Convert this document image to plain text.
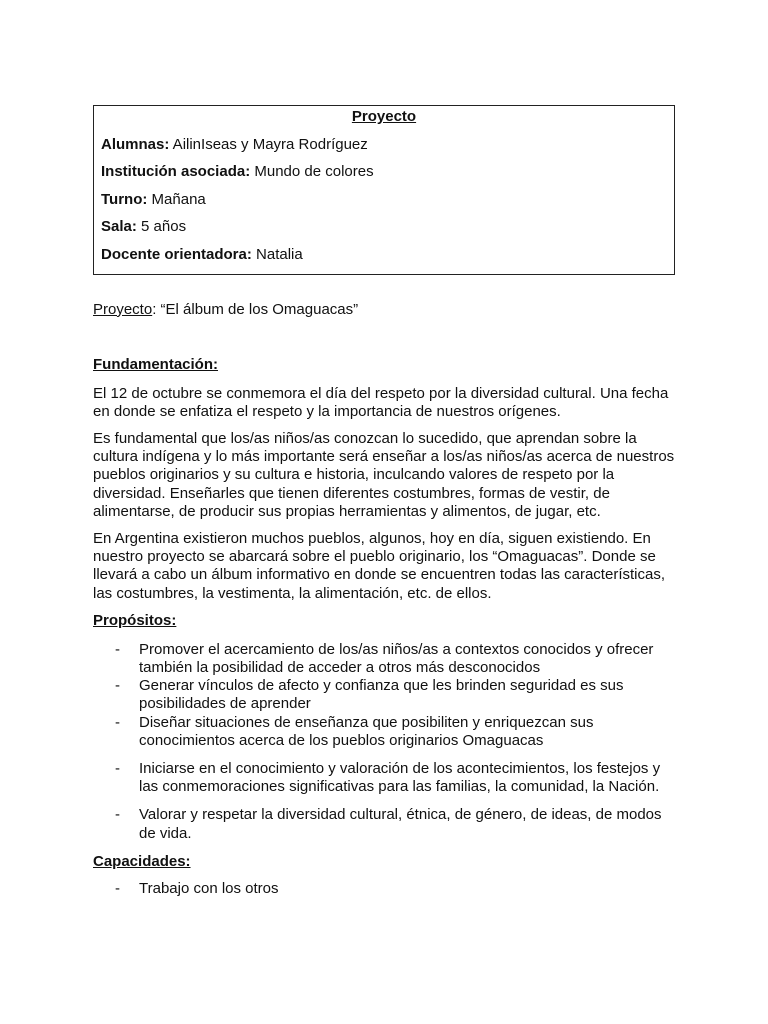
Proyecto
Alumnas: AilinIseas y Mayra Rodríguez
Institución asociada: Mundo de colores
Turno: Mañana
Sala: 5 años
Docente orientadora: Natalia
Proyecto: “El álbum de los Omaguacas”
Fundamentación:

El 12 de octubre se conmemora el día del respeto por la diversidad cultural. Una fecha en donde se enfatiza el respeto y la importancia de nuestros orígenes.

Es fundamental que los/as niños/as conozcan lo sucedido, que aprendan sobre la cultura indígena y lo más importante será enseñar a los/as niños/as acerca de nuestros pueblos originarios y su cultura e historia, inculcando valores de respeto por la diversidad. Enseñarles que tienen diferentes costumbres, formas de vestir, de alimentarse, de producir sus propias herramientas y alimentos, de jugar, etc.

En Argentina existieron muchos pueblos, algunos, hoy en día, siguen existiendo. En nuestro proyecto se abarcará sobre el pueblo originario, los “Omaguacas”. Donde se llevará a cabo un álbum informativo en donde se encuentren todas las características, las costumbres, la vestimenta, la alimentación, etc. de ellos.

Propósitos:
- Promover el acercamiento de los/as niños/as a contextos conocidos y ofrecer también la posibilidad de acceder a otros más desconocidos
- Generar vínculos de afecto y confianza que les brinden seguridad es sus posibilidades de aprender
- Diseñar situaciones de enseñanza que posibiliten y enriquezcan sus conocimientos acerca de los pueblos originarios Omaguacas
- Iniciarse en el conocimiento y valoración de los acontecimientos, los festejos y las conmemoraciones significativas para las familias, la comunidad, la Nación.
- Valorar y respetar la diversidad cultural, étnica, de género, de ideas, de modos de vida.
Capacidades:
- Trabajo con los otros
